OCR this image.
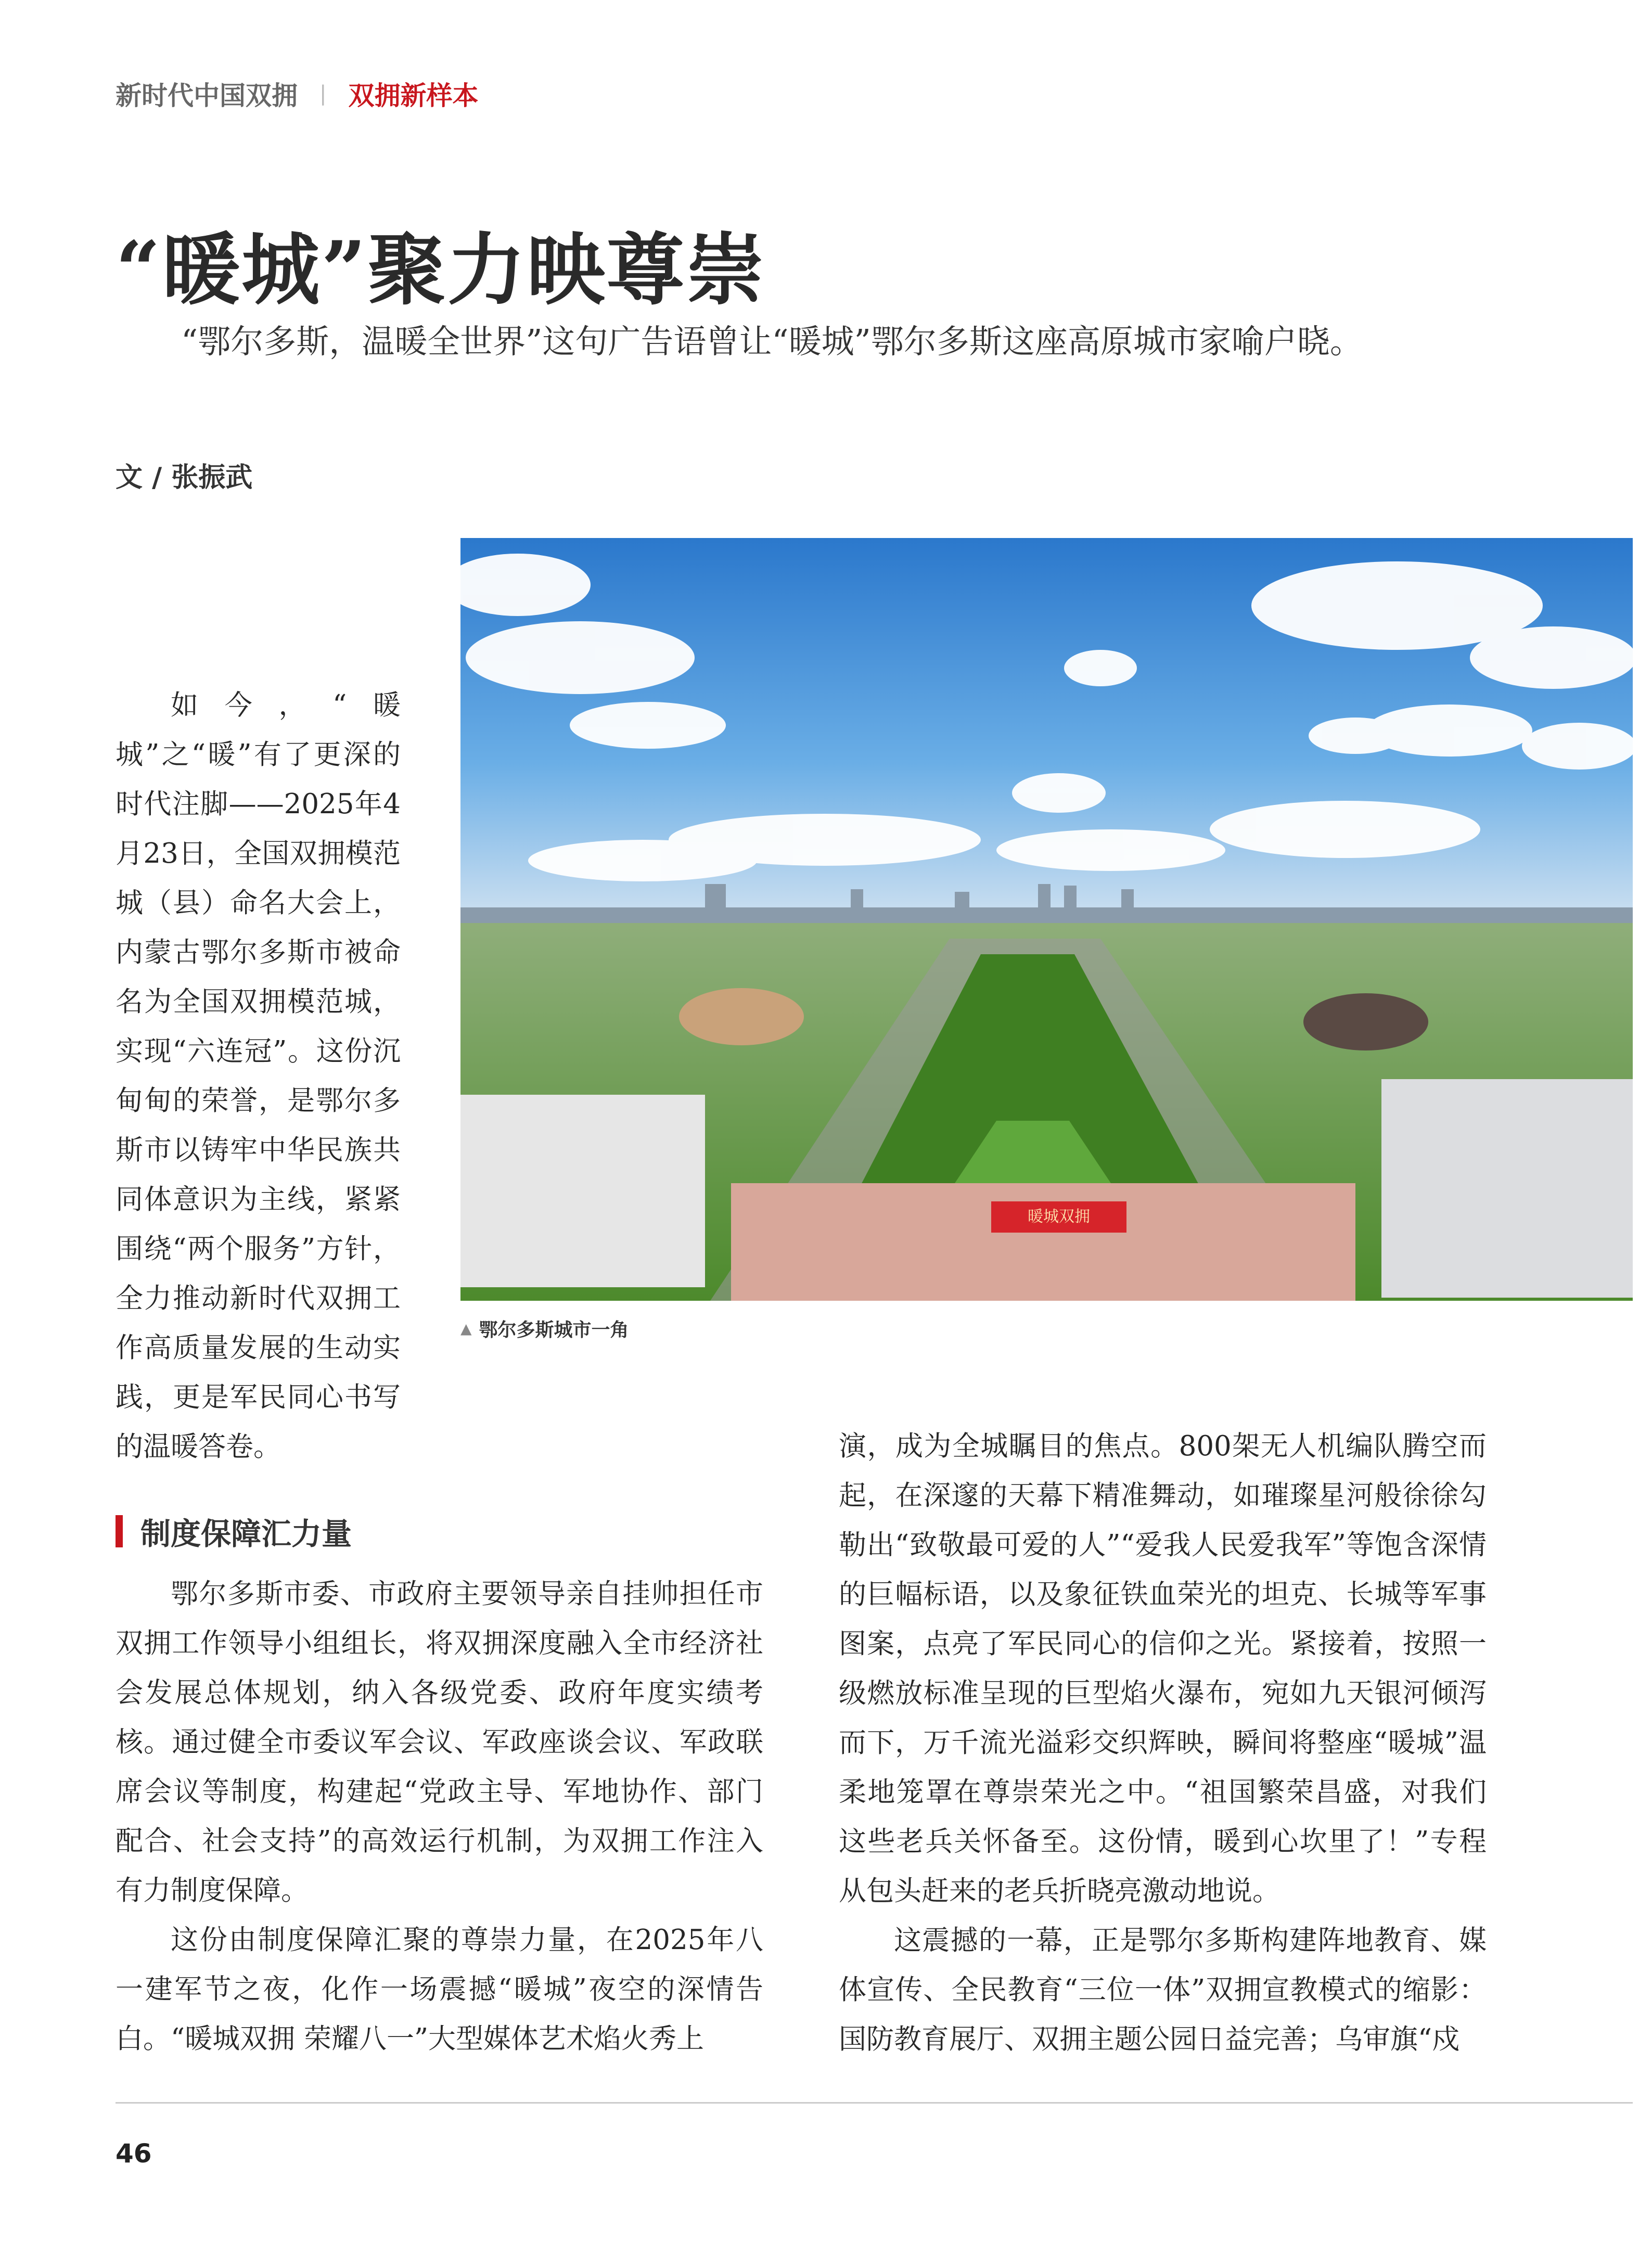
新时代中国双拥 | 双拥新样本
“暖城”聚力映尊崇
“鄂尔多斯，温暖全世界”这句广告语曾让“暖城”鄂尔多斯这座高原城市家喻户晓。
文 / 张振武
暖城双拥
▲ 鄂尔多斯城市一角
如今，“暖城”之“暖”有了更深的时代注脚——2025年4月23日，全国双拥模范城（县）命名大会上，内蒙古鄂尔多斯市被命名为全国双拥模范城，实现“六连冠”。这份沉甸甸的荣誉，是鄂尔多斯市以铸牢中华民族共同体意识为主线，紧紧围绕“两个服务”方针，全力推动新时代双拥工作高质量发展的生动实践，更是军民同心书写的温暖答卷。
制度保障汇力量

鄂尔多斯市委、市政府主要领导亲自挂帅担任市双拥工作领导小组组长，将双拥深度融入全市经济社会发展总体规划，纳入各级党委、政府年度实绩考核。通过健全市委议军会议、军政座谈会议、军政联席会议等制度，构建起“党政主导、军地协作、部门配合、社会支持”的高效运行机制，为双拥工作注入有力制度保障。

这份由制度保障汇聚的尊崇力量，在2025年八一建军节之夜，化作一场震撼“暖城”夜空的深情告白。“暖城双拥 荣耀八一”大型媒体艺术焰火秀上

演，成为全城瞩目的焦点。800架无人机编队腾空而起，在深邃的天幕下精准舞动，如璀璨星河般徐徐勾勒出“致敬最可爱的人”“爱我人民爱我军”等饱含深情的巨幅标语，以及象征铁血荣光的坦克、长城等军事图案，点亮了军民同心的信仰之光。紧接着，按照一级燃放标准呈现的巨型焰火瀑布，宛如九天银河倾泻而下，万千流光溢彩交织辉映，瞬间将整座“暖城”温柔地笼罩在尊崇荣光之中。“祖国繁荣昌盛，对我们这些老兵关怀备至。这份情，暖到心坎里了！”专程从包头赶来的老兵折晓亮激动地说。

这震撼的一幕，正是鄂尔多斯构建阵地教育、媒体宣传、全民教育“三位一体”双拥宣教模式的缩影：国防教育展厅、双拥主题公园日益完善；乌审旗“戍

46
